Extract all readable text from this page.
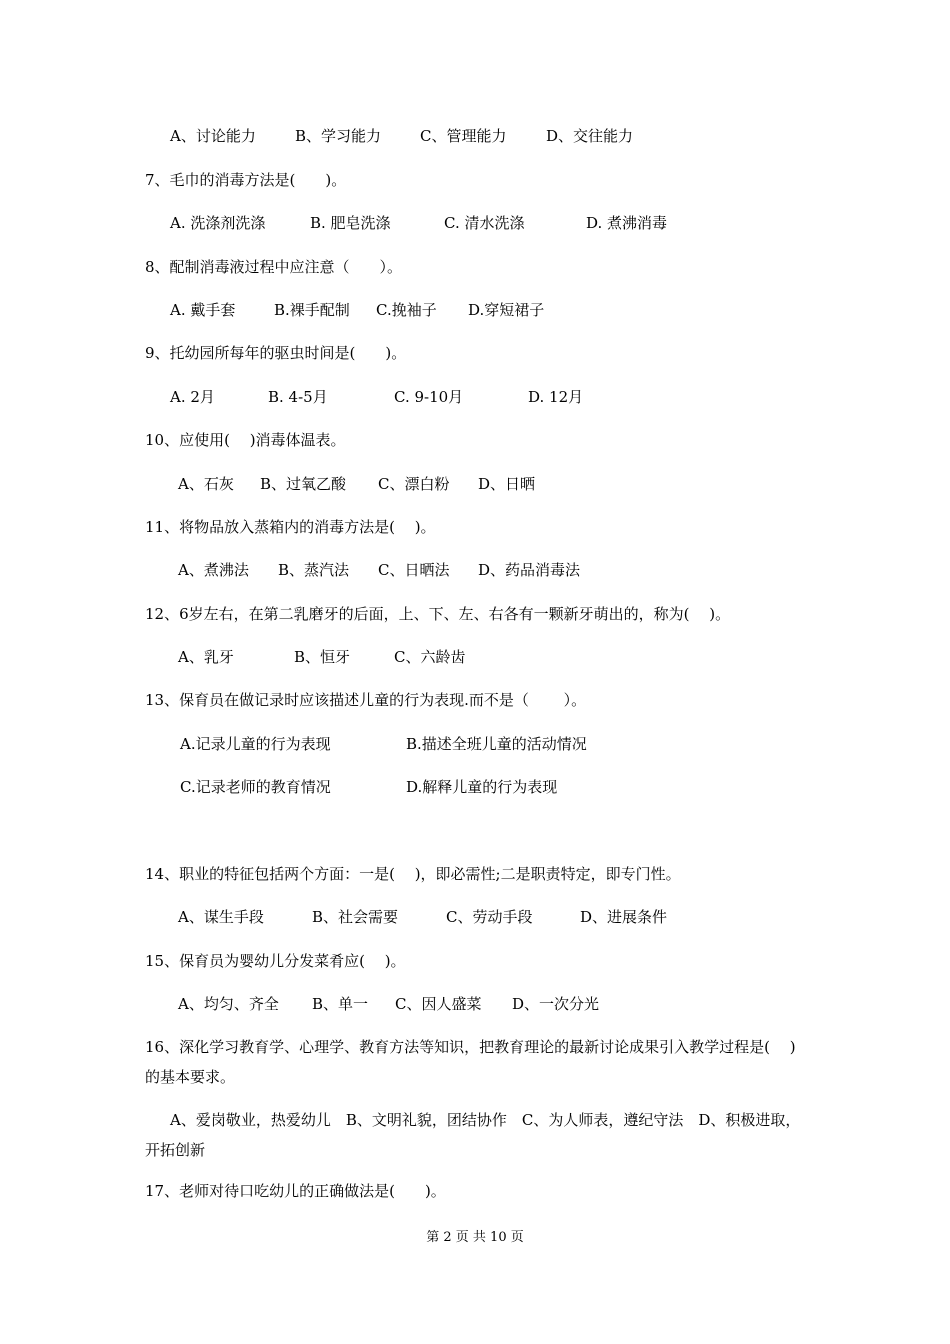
A、讨论能力	B、学习能力	C、管理能力	D、交往能力
7、毛巾的消毒方法是(　　)。
A. 洗涤剂洗涤	B. 肥皂洗涤	C. 清水洗涤	D. 煮沸消毒
8、配制消毒液过程中应注意（　　）。
A. 戴手套	B.裸手配制 C.挽袖子 D.穿短裙子
9、托幼园所每年的驱虫时间是(　　)。
A. 2月	B. 4-5月	C. 9-10月	D. 12月
10、应使用(　 )消毒体温表。
A、石灰 B、过氧乙酸 C、漂白粉 D、日晒
11、将物品放入蒸箱内的消毒方法是(　 )。
A、煮沸法 B、蒸汽法 C、日晒法 D、药品消毒法
12、6岁左右，在第二乳磨牙的后面，上、下、左、右各有一颗新牙萌出的，称为(　 )。
A、乳牙	B、恒牙	C、六龄齿
13、保育员在做记录时应该描述儿童的行为表现.而不是（　　 ）。
A.记录儿童的行为表现	B.描述全班儿童的活动情况
C.记录老师的教育情况	D.解释儿童的行为表现
14、职业的特征包括两个方面：一是(　 )，即必需性;二是职责特定，即专门性。
A、谋生手段	B、社会需要	C、劳动手段	D、进展条件
15、保育员为婴幼儿分发菜肴应(　 )。
A、均匀、齐全 B、单一 C、因人盛菜 D、一次分光
16、深化学习教育学、心理学、教育方法等知识，把教育理论的最新讨论成果引入教学过程是(　 )的基本要求。
A、爱岗敬业，热爱幼儿　B、文明礼貌，团结协作　C、为人师表，遵纪守法　D、积极进取，开拓创新
17、老师对待口吃幼儿的正确做法是(　　)。
第 2 页 共 10 页
